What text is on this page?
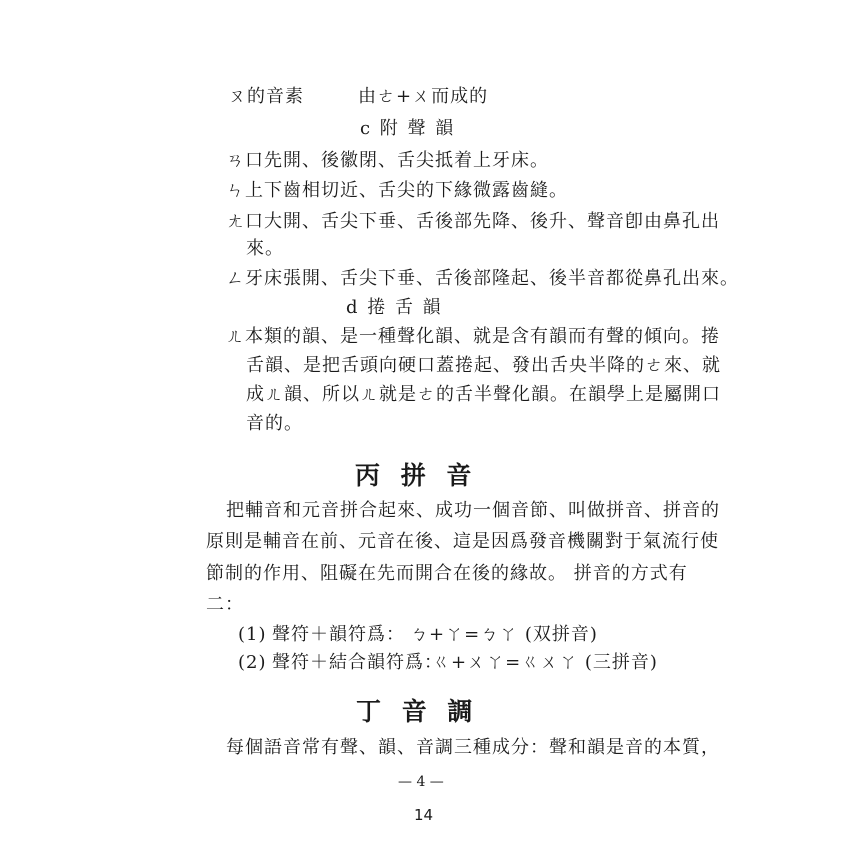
ㄡ的音素	由ㄜ+ㄨ而成的
c 附 聲 韻
ㄢ口先開、後徽閉、舌尖抵着上牙床。
ㄣ上下齒相切近、舌尖的下緣微露齒縫。
ㄤ口大開、舌尖下垂、舌後部先降、後升、聲音卽由鼻孔出
來。
ㄥ牙床張開、舌尖下垂、舌後部隆起、後半音都從鼻孔出來。
d 捲 舌 韻
ㄦ本類的韻、是一種聲化韻、就是含有韻而有聲的傾向。捲
舌韻、是把舌頭向硬口蓋捲起、發出舌央半降的ㄜ來、就
成ㄦ韻、所以ㄦ就是ㄜ的舌半聲化韻。在韻學上是屬開口
音的。
丙 拼 音
把輔音和元音拼合起來、成功一個音節、叫做拼音、拼音的
原則是輔音在前、元音在後、這是因爲發音機關對于氣流行使
節制的作用、阻礙在先而開合在後的緣故。 拼音的方式有
二：
(1) 聲符＋韻符爲： ㄅ+ㄚ=ㄅㄚ (双拼音)
(2) 聲符＋結合韻符爲：
ㄍ+ㄨㄚ=ㄍㄨㄚ (三拼音)
丁 音 調
每個語音常有聲、韻、音調三種成分：聲和韻是音的本質，
— 4 —
14
